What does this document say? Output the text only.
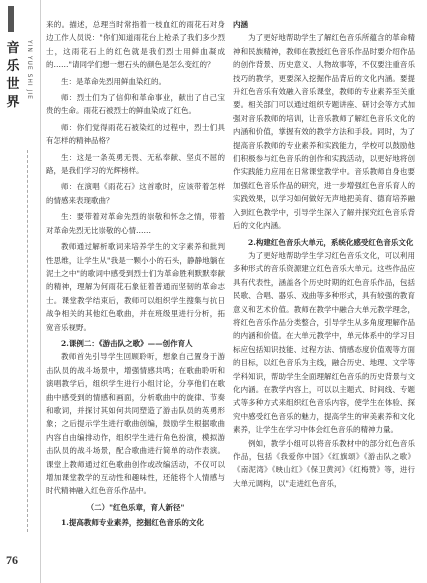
音乐世界
YIN YUE SHI JIE
76

来的。描述，总理当时常指着一枝血红的雨花石对身边工作人员说："你们知道雨花台上枪杀了我们多少烈士，这雨花石上的红色就是我们烈士用鲜血凝成的……"请同学们想一想石头的颜色是怎么变红的？

生：是革命先烈用鲜血染红的。

师：烈士们为了信仰和革命事业，献出了自己宝贵的生命。雨花石被烈士的鲜血染成了红色。

师：你们觉得雨花石被染红的过程中，烈士们具有怎样的精神品格？

生：这是一条英勇无畏、无私奉献、坚贞不屈的路，是我们学习的光辉榜样。

师：在演唱《雨花石》这首歌时，应该带着怎样的情感来表现歌曲？

生：要带着对革命先烈的崇敬和怀念之情，带着对革命先烈无比崇敬的心情……

教师通过解析歌词来培养学生的文字素养和批判性思维，让学生从"我是一颗小小的石头，静静地躺在泥土之中"的歌词中感受到烈士们为革命胜利默默奉献的精神，理解为何雨花石象征着普通而坚韧的革命志士。课堂教学结束后，教师可以组织学生搜集与抗日战争相关的其他红色歌曲，并在班级里进行分析，拓宽音乐视野。

2.课例二：《游击队之歌》——创作育人

教师首先引导学生回顾聆听，想象自己置身于游击队员的战斗场景中，增强情感共鸣；在歌曲聆听和演唱教学后，组织学生进行小组讨论，分享他们在歌曲中感受到的情感和画面，分析歌曲中的旋律、节奏和歌词，并探讨其如何共同塑造了游击队员的英勇形象；之后提示学生进行歌曲创编，鼓励学生根据歌曲内容自由编排动作，组织学生进行角色扮演，模拟游击队员的战斗场景，配合歌曲进行简单的动作表演。课堂上教师通过红色歌曲创作或改编活动，不仅可以增加课堂教学的互动性和趣味性，还能将个人情感与时代精神融入红色音乐作品中。

（二）"红色乐章，育人新径"

1.提高教师专业素养，挖掘红色音乐的文化

内涵

为了更好地帮助学生了解红色音乐所蕴含的革命精神和民族精神，教师在教授红色音乐作品时要介绍作品的创作背景、历史意义、人物故事等，不仅要注重音乐技巧的教学，更要深入挖掘作品背后的文化内涵。要提升红色音乐有效融入音乐课堂，教师的专业素养至关重要。相关部门可以通过组织专题讲座、研讨会等方式加强对音乐教师的培训，让音乐教师了解红色音乐文化的内涵和价值，掌握有效的教学方法和手段。同时，为了提高音乐教师的专业素养和实践能力，学校可以鼓励他们积极参与红色音乐的创作和实践活动，以更好地将创作实践能力应用在日常课堂教学中。音乐教师自身也要加强红色音乐作品的研究，进一步增强红色音乐育人的实践效果，以学习如何做好无声地把美育、德育培养融入到红色教学中，引导学生深入了解并探究红色音乐背后的文化内涵。

2.构建红色音乐大单元，系统化感受红色音乐文化

为了更好地帮助学生学习红色音乐文化，可以利用多种形式的音乐资源建立红色音乐大单元。这些作品应具有代表性，涵盖各个历史时期的红色音乐作品，包括民歌、合唱、器乐、戏曲等多种形式，具有较强的教育意义和艺术价值。教师在教学中融合大单元教学理念，将红色音乐作品分类整合，引导学生从多角度理解作品的内涵和价值。在大单元教学中，单元体系中的学习目标应包括知识技能、过程方法、情感态度价值观等方面的目标，以红色音乐为主线，融合历史、地理、文学等学科知识，帮助学生全面理解红色音乐的历史背景与文化内涵。在教学内容上，可以以主题式、时间线、专题式等多种方式来组织红色音乐内容，使学生在体验、探究中感受红色音乐的魅力，提高学生的审美素养和文化素养，让学生在学习中体会红色音乐的精神力量。

例如，教学小组可以将音乐教材中的部分红色音乐作品，包括《我爱你中国》《红旗颂》《游击队之歌》《南泥湾》《映山红》《保卫黄河》《红梅赞》等，进行大单元调构，以"走进红色音乐，
